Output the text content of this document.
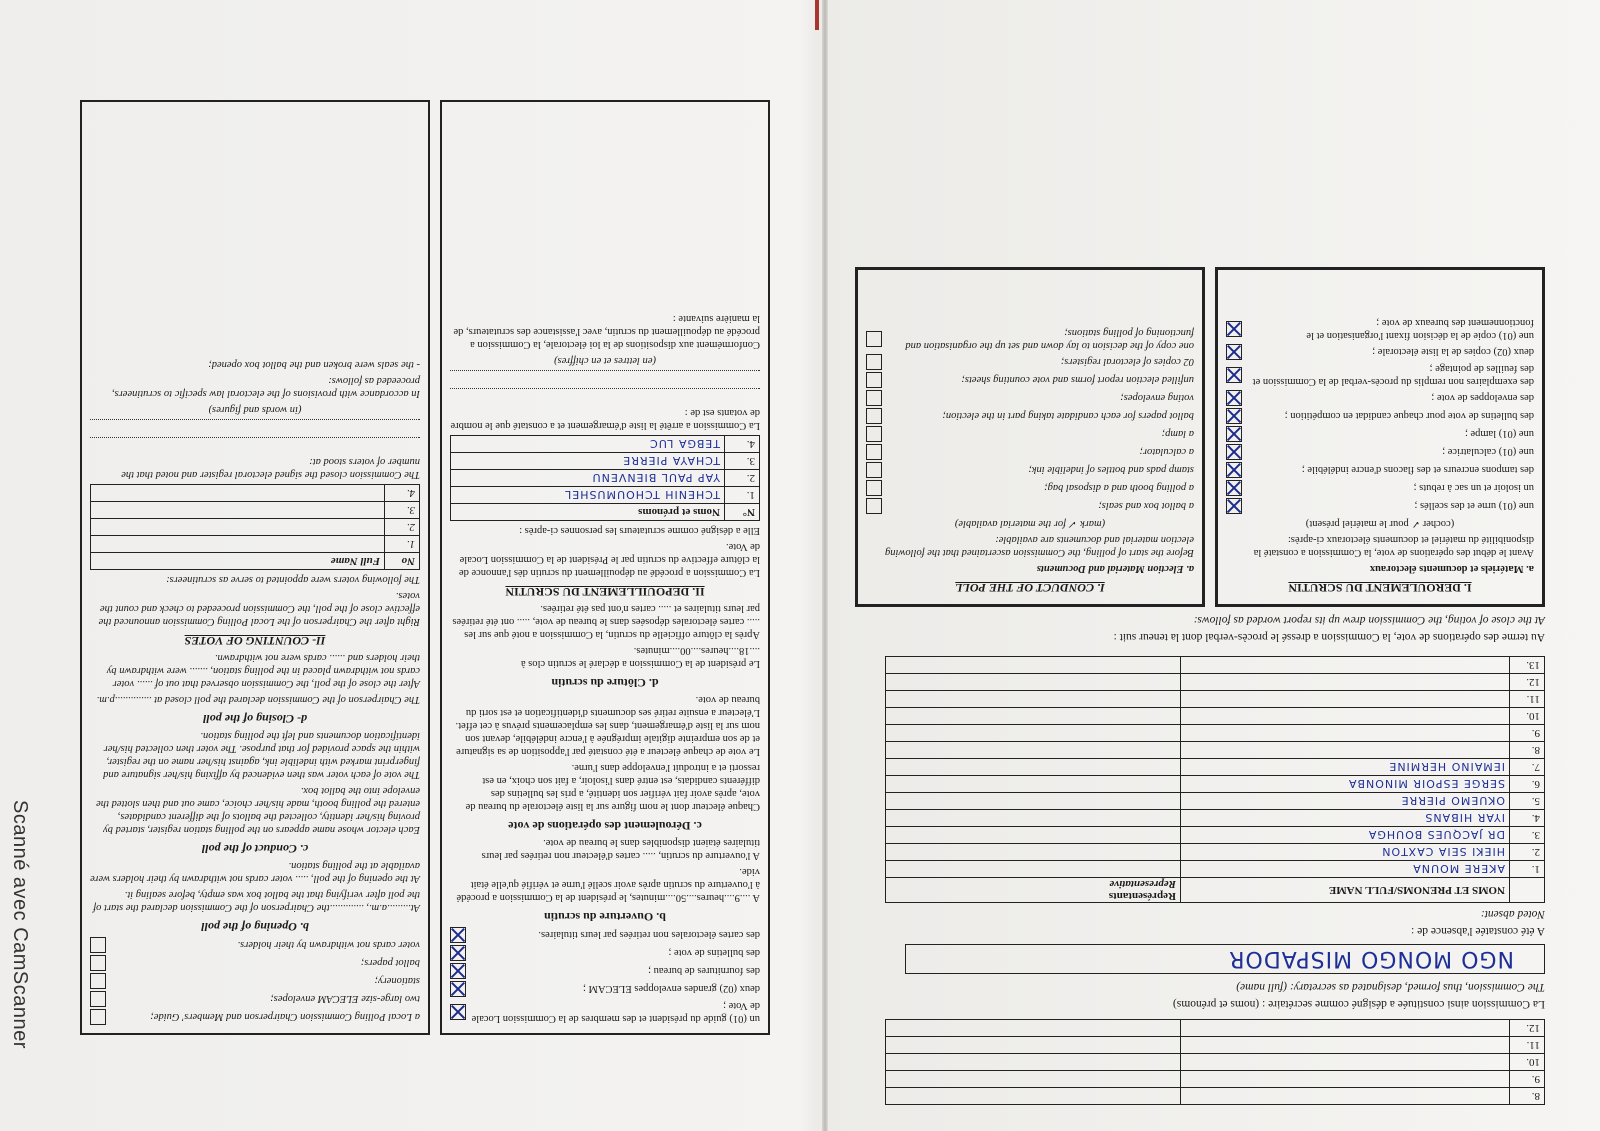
Scanné avec CamScanner	un (01) guide du président et des membres de la Commission Locale de Vote ;
deux (02) grandes enveloppes ELECAM ;
des fournitures de bureau ;
des bulletins de vote ;
des cartes électorales non retirées par leurs titulaires.
b. Ouverture du scrutin

A ....9....heures....50....minutes, le président de la Commission a procédé à l'ouverture du scrutin après avoir scellé l'urne et vérifié qu'elle était vide.

A l'ouverture du scrutin, ..... cartes d'électeur non retirées par leurs titulaires étaient disponibles dans le bureau de vote.

c. Déroulement des opérations de vote

Chaque électeur dont le nom figure sur la liste électorale du bureau de vote, après avoir fait vérifier son identité, a pris les bulletins des différents candidats, est entré dans l'isoloir, a fait son choix, en est ressorti et a introduit l'enveloppe dans l'urne.

Le vote de chaque électeur a été constaté par l'apposition de sa signature et de son empreinte digitale imprégnée à l'encre indélébile, devant son nom sur la liste d'émargement, dans les emplacements prévus à cet effet. L'électeur a ensuite retiré ses documents d'identification et est sorti du bureau de vote.

d. Clôture du scrutin

Le président de la Commission a déclaré le scrutin clos à ....18....heures....00....minutes.

Après la clôture officielle du scrutin, la Commission a noté que sur les ..... cartes électorales déposées dans le bureau de vote, ..... ont été retirées par leurs titulaires et ..... cartes n'ont pas été retirées.

II. DEPOUILLEMENT DU SCRUTIN

La Commission a procédé au dépouillement du scrutin dès l'annonce de la clôture effective du scrutin par le Président de la Commission Locale de Vote.

Elle a désigné comme scrutateurs les personnes ci-après :

N°	Noms et prénoms
1.	TCHENIH TCHOUMUSHEL
2.	YAP PAUL BIENVENU
3.	TCHAYA PIERRE
4.	TEBGA LUC

La Commission a arrêté la liste d'émargement et a constaté que le nombre de votants est de :

(en lettres et en chiffres)

Conformément aux dispositions de la loi électorale, la Commission a procédé au dépouillement du scrutin, avec l'assistance des scrutateurs, de la manière suivante :

a Local Polling Commission Chairperson and Members' Guide;
two large-size ELECAM envelopes;
stationery;
ballot papers;
voter cards not withdrawn by their holders.
b. Opening of the poll

At.........a.m., .............the Chairperson of the Commission declared the start of the poll after verifying that the ballot box was empty, before sealing it.

At the opening of the poll, ..... voter cards not withdrawn by their holders were available at the polling station.

c. Conduct of the poll

Each elector whose name appears on the polling station register, started by proving his/her identity, collected the ballots of the different candidates, entered the polling booth, made his/her choice, came out and then slotted the envelope into the ballot box.

The vote of each voter was then evidenced by affixing his/her signature and fingerprint marked with indelible ink, against his/her name on the register, within the space provided for that purpose. The voter then collected his/her identification documents and left the polling station.

d- Closing of the poll

The Chairperson of the Commission declared the poll closed at ..............p.m.

After the close of the poll, the Commission observed that out of ...... voter cards not withdrawn placed in the polling station, ....... were withdrawn by their holders and ...... cards were not withdrawn.

II- COUNTING OF VOTES

Right after the Chairperson of the Local Polling Commission announced the effective close of the poll, the Commission proceeded to check and count the votes.

The following voters were appointed to serve as scrutineers:

No	Full Name
1.	
2.	
3.	
4.	

The Commission closed the signed electoral register and noted that the number of voters stood at:

(in words and figures)

In accordance with provisions of the electoral law specific to scrutineers, proceeded as follows:

- the seals were broken and the ballot box opened;

8.		
9.		
10.		
11.		
12.		

La Commission ainsi constituée a désigné comme secrétaire : (noms et prénoms)

The Commission, thus formed, designated as secretary: (full name)

NGO MONGO MISPADOR

A été constatée l'absence de :

Noted absent:

	NOMS ET PRENOMS/FULL NAME	Représentants
Representative
1.	AKERE MOUNA	
2.	HIEKI SEIA CAXTON	
3.	DR JACQUES BOUHGA	
4.	IYAR HIBANS	
5.	OKUEMO PIERRE	
6.	SERGE ESPOIR MINONBA	
7.	IEMAINO HERMINE	
8.		
9.		
10.		
11.		
12.		
13.		

Au terme des opérations de vote, la Commission a dressé le procès-verbal dont la teneur suit :

At the close of voting, the Commission drew up its report worded as follows:

I. DEROULEMENT DU SCRUTIN
a. Matériels et documents électoraux

Avant le début des opérations de vote, la Commission a constaté la disponibilité du matériel et documents électoraux ci-après:

(cocher ✓ pour le matériel présent)

une (01) urne et des scellés ;
un isoloir et un sac à rebuts ;
des tampons encreurs et des flacons d'encre indélébile ;
une (01) calculatrice ;
une (01) lampe ;
des bulletins de vote pour chaque candidat en compétition ;
des enveloppes de vote ;
des exemplaires non remplis du procès-verbal de la Commission et des feuilles de pointage ;
deux (02) copies de la liste électorale ;
une (01) copie de la décision fixant l'organisation et le fonctionnement des bureaux de vote ;
I. CONDUCT OF THE POLL
a. Election Material and Documents

Before the start of polling, the Commission ascertained that the following election material and documents are available:

(mark ✓ for the material available)

a ballot box and seals;
a polling booth and a disposal bag;
stamp pads and bottles of indelible ink;
a calculator;
a lamp;
ballot papers for each candidate taking part in the election;
voting envelopes;
unfilled election report forms and vote counting sheets;
02 copies of electoral registers;
one copy of the decision to lay down and set up the organisation and functioning of polling stations;
